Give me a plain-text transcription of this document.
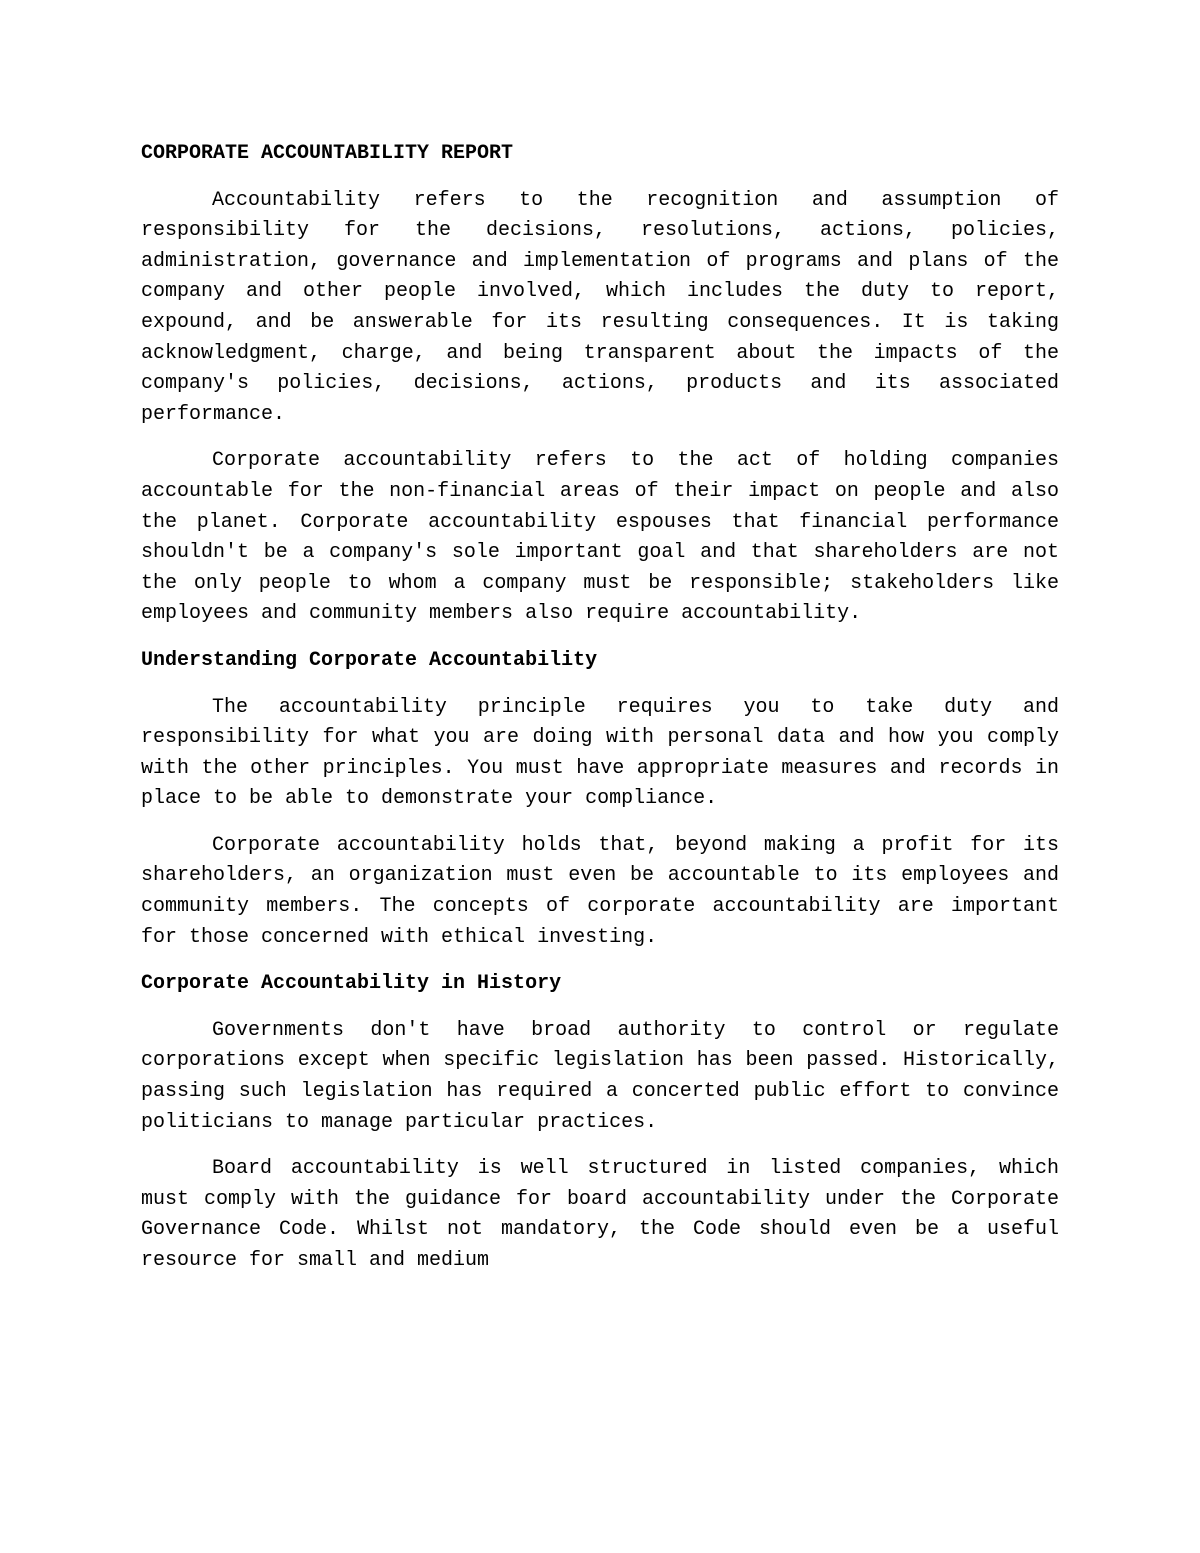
CORPORATE ACCOUNTABILITY REPORT

Accountability refers to the recognition and assumption of responsibility for the decisions, resolutions, actions, policies, administration, governance and implementation of programs and plans of the company and other people involved, which includes the duty to report, expound, and be answerable for its resulting consequences. It is taking acknowledgment, charge, and being transparent about the impacts of the company's policies, decisions, actions, products and its associated performance.

Corporate accountability refers to the act of holding companies accountable for the non-financial areas of their impact on people and also the planet. Corporate accountability espouses that financial performance shouldn't be a company's sole important goal and that shareholders are not the only people to whom a company must be responsible; stakeholders like employees and community members also require accountability.

Understanding Corporate Accountability

The accountability principle requires you to take duty and responsibility for what you are doing with personal data and how you comply with the other principles. You must have appropriate measures and records in place to be able to demonstrate your compliance.

Corporate accountability holds that, beyond making a profit for its shareholders, an organization must even be accountable to its employees and community members. The concepts of corporate accountability are important for those concerned with ethical investing.

Corporate Accountability in History

Governments don't have broad authority to control or regulate corporations except when specific legislation has been passed. Historically, passing such legislation has required a concerted public effort to convince politicians to manage particular practices.

Board accountability is well structured in listed companies, which must comply with the guidance for board accountability under the Corporate Governance Code. Whilst not mandatory, the Code should even be a useful resource for small and medium
